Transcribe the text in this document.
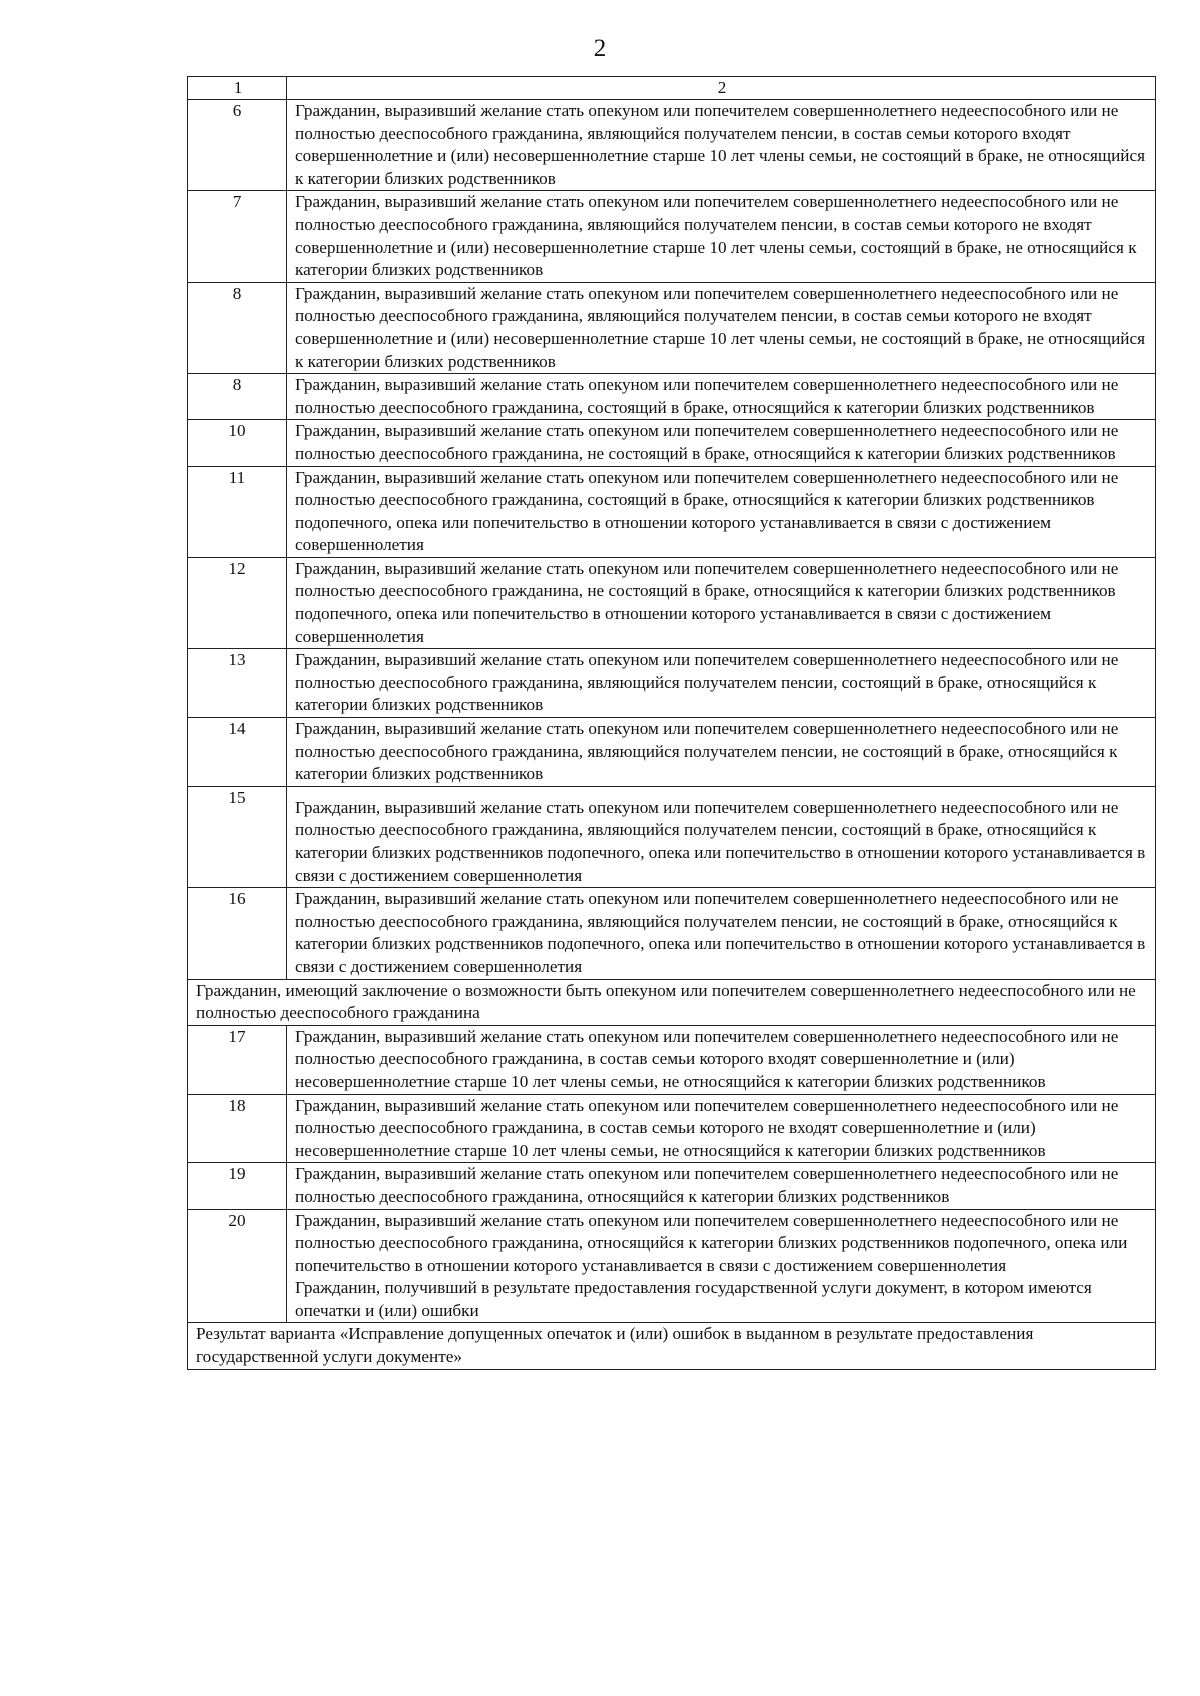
2
1	2
6	Гражданин, выразивший желание стать опекуном или попечителем совершеннолетнего недееспособного или не полностью дееспособного гражданина, являющийся получателем пенсии, в состав семьи которого входят совершеннолетние и (или) несовершеннолетние старше 10 лет члены семьи, не состоящий в браке, не относящийся к категории близких родственников
7	Гражданин, выразивший желание стать опекуном или попечителем совершеннолетнего недееспособного или не полностью дееспособного гражданина, являющийся получателем пенсии, в состав семьи которого не входят совершеннолетние и (или) несовершеннолетние старше 10 лет члены семьи, состоящий в браке, не относящийся к категории близких родственников
8	Гражданин, выразивший желание стать опекуном или попечителем совершеннолетнего недееспособного или не полностью дееспособного гражданина, являющийся получателем пенсии, в состав семьи которого не входят совершеннолетние и (или) несовершеннолетние старше 10 лет члены семьи, не состоящий в браке, не относящийся к категории близких родственников
8	Гражданин, выразивший желание стать опекуном или попечителем совершеннолетнего недееспособного или не полностью дееспособного гражданина, состоящий в браке, относящийся к категории близких родственников
10	Гражданин, выразивший желание стать опекуном или попечителем совершеннолетнего недееспособного или не полностью дееспособного гражданина, не состоящий в браке, относящийся к категории близких родственников
11	Гражданин, выразивший желание стать опекуном или попечителем совершеннолетнего недееспособного или не полностью дееспособного гражданина, состоящий в браке, относящийся к категории близких родственников подопечного, опека или попечительство в отношении которого устанавливается в связи с достижением совершеннолетия
12	Гражданин, выразивший желание стать опекуном или попечителем совершеннолетнего недееспособного или не полностью дееспособного гражданина, не состоящий в браке, относящийся к категории близких родственников подопечного, опека или попечительство в отношении которого устанавливается в связи с достижением совершеннолетия
13	Гражданин, выразивший желание стать опекуном или попечителем совершеннолетнего недееспособного или не полностью дееспособного гражданина, являющийся получателем пенсии, состоящий в браке, относящийся к категории близких родственников
14	Гражданин, выразивший желание стать опекуном или попечителем совершеннолетнего недееспособного или не полностью дееспособного гражданина, являющийся получателем пенсии, не состоящий в браке, относящийся к категории близких родственников
15	Гражданин, выразивший желание стать опекуном или попечителем совершеннолетнего недееспособного или не полностью дееспособного гражданина, являющийся получателем пенсии, состоящий в браке, относящийся к категории близких родственников подопечного, опека или попечительство в отношении которого устанавливается в связи с достижением совершеннолетия
16	Гражданин, выразивший желание стать опекуном или попечителем совершеннолетнего недееспособного или не полностью дееспособного гражданина, являющийся получателем пенсии, не состоящий в браке, относящийся к категории близких родственников подопечного, опека или попечительство в отношении которого устанавливается в связи с достижением совершеннолетия
Гражданин, имеющий заключение о возможности быть опекуном или попечителем совершеннолетнего недееспособного или не полностью дееспособного гражданина	
17	Гражданин, выразивший желание стать опекуном или попечителем совершеннолетнего недееспособного или не полностью дееспособного гражданина, в состав семьи которого входят совершеннолетние и (или) несовершеннолетние старше 10 лет члены семьи, не относящийся к категории близких родственников
18	Гражданин, выразивший желание стать опекуном или попечителем совершеннолетнего недееспособного или не полностью дееспособного гражданина, в состав семьи которого не входят совершеннолетние и (или) несовершеннолетние старше 10 лет члены семьи, не относящийся к категории близких родственников
19	Гражданин, выразивший желание стать опекуном или попечителем совершеннолетнего недееспособного или не полностью дееспособного гражданина, относящийся к категории близких родственников
20	Гражданин, выразивший желание стать опекуном или попечителем совершеннолетнего недееспособного или не полностью дееспособного гражданина, относящийся к категории близких родственников подопечного, опека или попечительство в отношении которого устанавливается в связи с достижением совершеннолетия
Гражданин, получивший в результате предоставления государственной услуги документ, в котором имеются опечатки и (или) ошибки

Результат варианта «Исправление допущенных опечаток и (или) ошибок в выданном в результате предоставления государственной услуги документе»	
